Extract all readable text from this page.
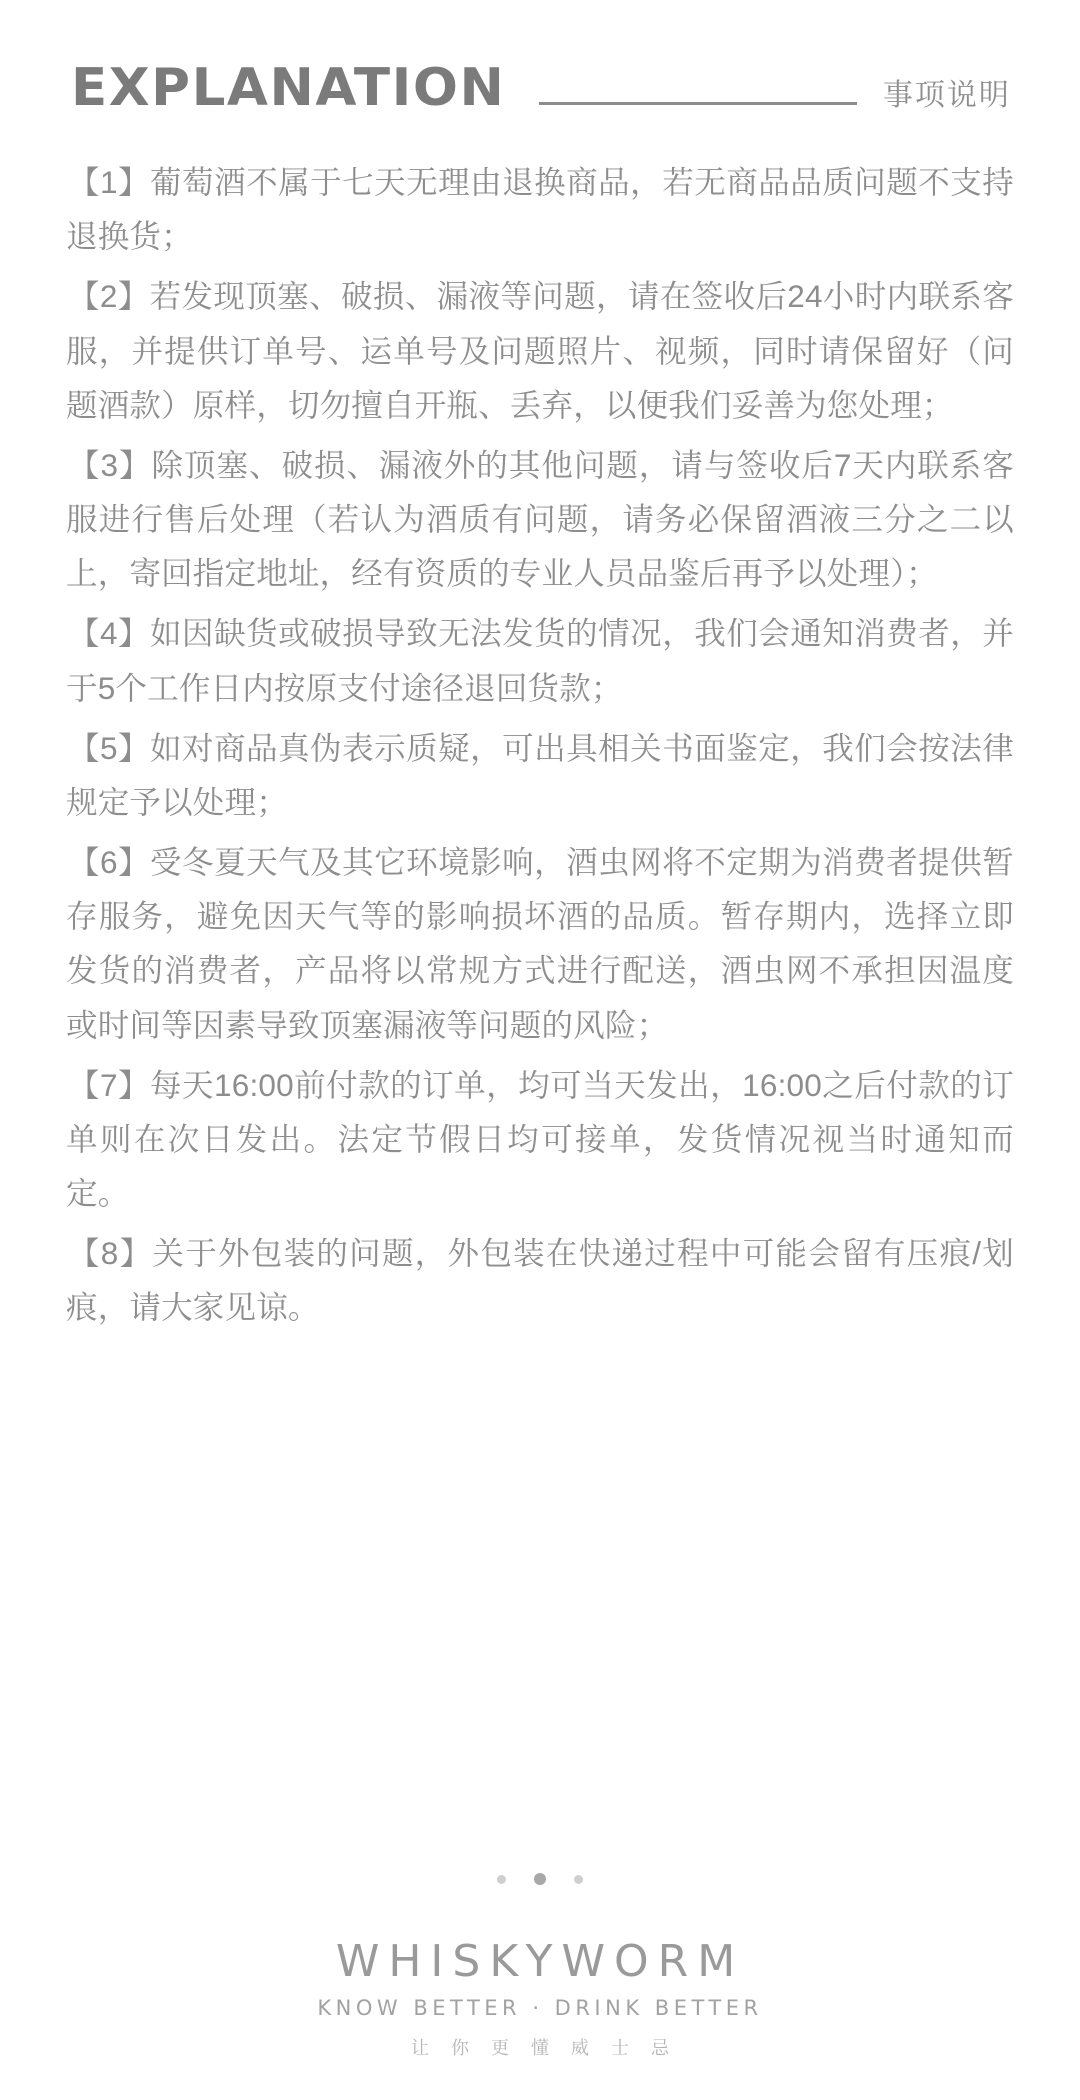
EXPLANATION	事项说明

【1】葡萄酒不属于七天无理由退换商品，若无商品品质问题不支持退换货；

【2】若发现顶塞、破损、漏液等问题，请在签收后24小时内联系客服，并提供订单号、运单号及问题照片、视频，同时请保留好（问题酒款）原样，切勿擅自开瓶、丢弃，以便我们妥善为您处理；

【3】除顶塞、破损、漏液外的其他问题，请与签收后7天内联系客服进行售后处理（若认为酒质有问题，请务必保留酒液三分之二以上，寄回指定地址，经有资质的专业人员品鉴后再予以处理）；

【4】如因缺货或破损导致无法发货的情况，我们会通知消费者，并于5个工作日内按原支付途径退回货款；

【5】如对商品真伪表示质疑，可出具相关书面鉴定，我们会按法律规定予以处理；

【6】受冬夏天气及其它环境影响，酒虫网将不定期为消费者提供暂存服务，避免因天气等的影响损坏酒的品质。暂存期内，选择立即发货的消费者，产品将以常规方式进行配送，酒虫网不承担因温度或时间等因素导致顶塞漏液等问题的风险；

【7】每天16:00前付款的订单，均可当天发出，16:00之后付款的订单则在次日发出。法定节假日均可接单，发货情况视当时通知而定。

【8】关于外包装的问题，外包装在快递过程中可能会留有压痕/划痕，请大家见谅。

WHISKYWORM
KNOW BETTER · DRINK BETTER
让你更懂威士忌
